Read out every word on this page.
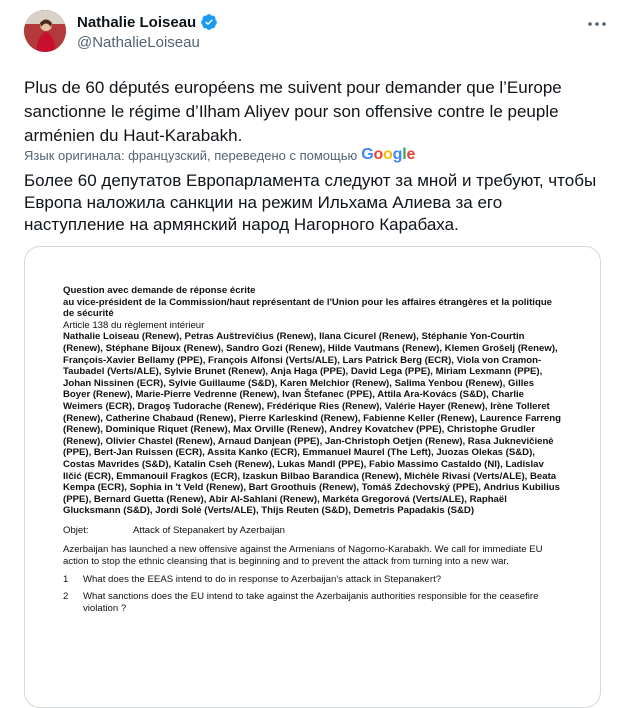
Nathalie Loiseau
@NathalieLoiseau
Plus de 60 députés européens me suivent pour demander que l’Europe sanctionne le régime d’Ilham Aliyev pour son offensive contre le peuple arménien du Haut-Karabakh.
Язык оригинала: французский, переведено с помощью Google
Более 60 депутатов Европарламента следуют за мной и требуют, чтобы Европа наложила санкции на режим Ильхама Алиева за его наступление на армянский народ Нагорного Карабаха.
Question avec demande de réponse écrite
au vice-président de la Commission/haut représentant de l'Union pour les affaires étrangères et la politique de sécurité
Article 138 du règlement intérieur
Nathalie Loiseau (Renew), Petras Auštrevičius (Renew), Ilana Cicurel (Renew), Stéphanie Yon-Courtin (Renew), Stéphane Bijoux (Renew), Sandro Gozi (Renew), Hilde Vautmans (Renew), Klemen Grošelj (Renew), François-Xavier Bellamy (PPE), François Alfonsi (Verts/ALE), Lars Patrick Berg (ECR), Viola von Cramon-Taubadel (Verts/ALE), Sylvie Brunet (Renew), Anja Haga (PPE), David Lega (PPE), Miriam Lexmann (PPE), Johan Nissinen (ECR), Sylvie Guillaume (S&D), Karen Melchior (Renew), Salima Yenbou (Renew), Gilles Boyer (Renew), Marie-Pierre Vedrenne (Renew), Ivan Štefanec (PPE), Attila Ara-Kovács (S&D), Charlie Weimers (ECR), Dragoş Tudorache (Renew), Frédérique Ries (Renew), Valérie Hayer (Renew), Irène Tolleret (Renew), Catherine Chabaud (Renew), Pierre Karleskind (Renew), Fabienne Keller (Renew), Laurence Farreng (Renew), Dominique Riquet (Renew), Max Orville (Renew), Andrey Kovatchev (PPE), Christophe Grudler (Renew), Olivier Chastel (Renew), Arnaud Danjean (PPE), Jan-Christoph Oetjen (Renew), Rasa Juknevičienė (PPE), Bert-Jan Ruissen (ECR), Assita Kanko (ECR), Emmanuel Maurel (The Left), Juozas Olekas (S&D), Costas Mavrides (S&D), Katalin Cseh (Renew), Lukas Mandl (PPE), Fabio Massimo Castaldo (NI), Ladislav Ilčić (ECR), Emmanouil Fragkos (ECR), Izaskun Bilbao Barandica (Renew), Michèle Rivasi (Verts/ALE), Beata Kempa (ECR), Sophia in 't Veld (Renew), Bart Groothuis (Renew), Tomáš Zdechovský (PPE), Andrius Kubilius (PPE), Bernard Guetta (Renew), Abir Al-Sahlani (Renew), Markéta Gregorová (Verts/ALE), Raphaël Glucksmann (S&D), Jordi Solé (Verts/ALE), Thijs Reuten (S&D), Demetris Papadakis (S&D)
Objet:	Attack of Stepanakert by Azerbaijan
Azerbaijan has launched a new offensive against the Armenians of Nagorno-Karabakh. We call for immediate EU action to stop the ethnic cleansing that is beginning and to prevent the attack from turning into a new war.
1	What does the EEAS intend to do in response to Azerbaijan's attack in Stepanakert?
2	What sanctions does the EU intend to take against the Azerbaijanis authorities responsible for the ceasefire violation ?
